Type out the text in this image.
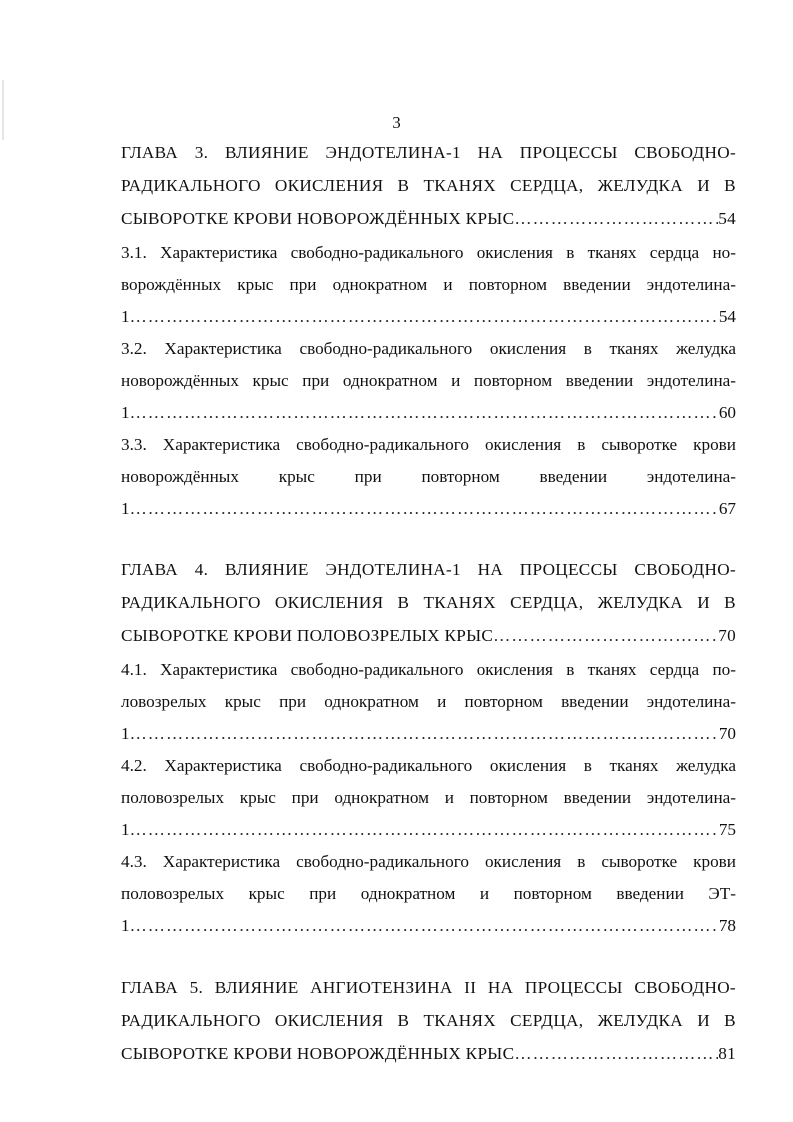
3
ГЛАВА 3. ВЛИЯНИЕ ЭНДОТЕЛИНА-1 НА ПРОЦЕССЫ СВОБОДНО-
РАДИКАЛЬНОГО ОКИСЛЕНИЯ В ТКАНЯХ СЕРДЦА, ЖЕЛУДКА И В
СЫВОРОТКЕ КРОВИ НОВОРОЖДЁННЫХ КРЫС ……………………………………………………………………………………………………………………………………………………	54
3.1. Характеристика свободно-радикального окисления в тканях сердца но-
ворождённых крыс при однократном и повторном введении эндотелина-
1 ……………………………………………………………………………………………………………………………………………………	54
3.2. Характеристика свободно-радикального окисления в тканях желудка
новорождённых крыс при однократном и повторном введении эндотелина-
1 ……………………………………………………………………………………………………………………………………………………	60
3.3. Характеристика свободно-радикального окисления в сыворотке крови
новорождённых крыс при повторном введении эндотелина-
1 ……………………………………………………………………………………………………………………………………………………	67
ГЛАВА 4. ВЛИЯНИЕ ЭНДОТЕЛИНА-1 НА ПРОЦЕССЫ СВОБОДНО-
РАДИКАЛЬНОГО ОКИСЛЕНИЯ В ТКАНЯХ СЕРДЦА, ЖЕЛУДКА И В
СЫВОРОТКЕ КРОВИ ПОЛОВОЗРЕЛЫХ КРЫС ……………………………………………………………………………………………………………………………………………………	70
4.1. Характеристика свободно-радикального окисления в тканях сердца по-
ловозрелых крыс при однократном и повторном введении эндотелина-
1 ……………………………………………………………………………………………………………………………………………………	70
4.2. Характеристика свободно-радикального окисления в тканях желудка
половозрелых крыс при однократном и повторном введении эндотелина-
1 ……………………………………………………………………………………………………………………………………………………	75
4.3. Характеристика свободно-радикального окисления в сыворотке крови
половозрелых крыс при однократном и повторном введении ЭТ-
1 ……………………………………………………………………………………………………………………………………………………	78
ГЛАВА 5. ВЛИЯНИЕ АНГИОТЕНЗИНА II НА ПРОЦЕССЫ СВОБОДНО-
РАДИКАЛЬНОГО ОКИСЛЕНИЯ В ТКАНЯХ СЕРДЦА, ЖЕЛУДКА И В
СЫВОРОТКЕ КРОВИ НОВОРОЖДЁННЫХ КРЫС ……………………………………………………………………………………………………………………………………………………	81
